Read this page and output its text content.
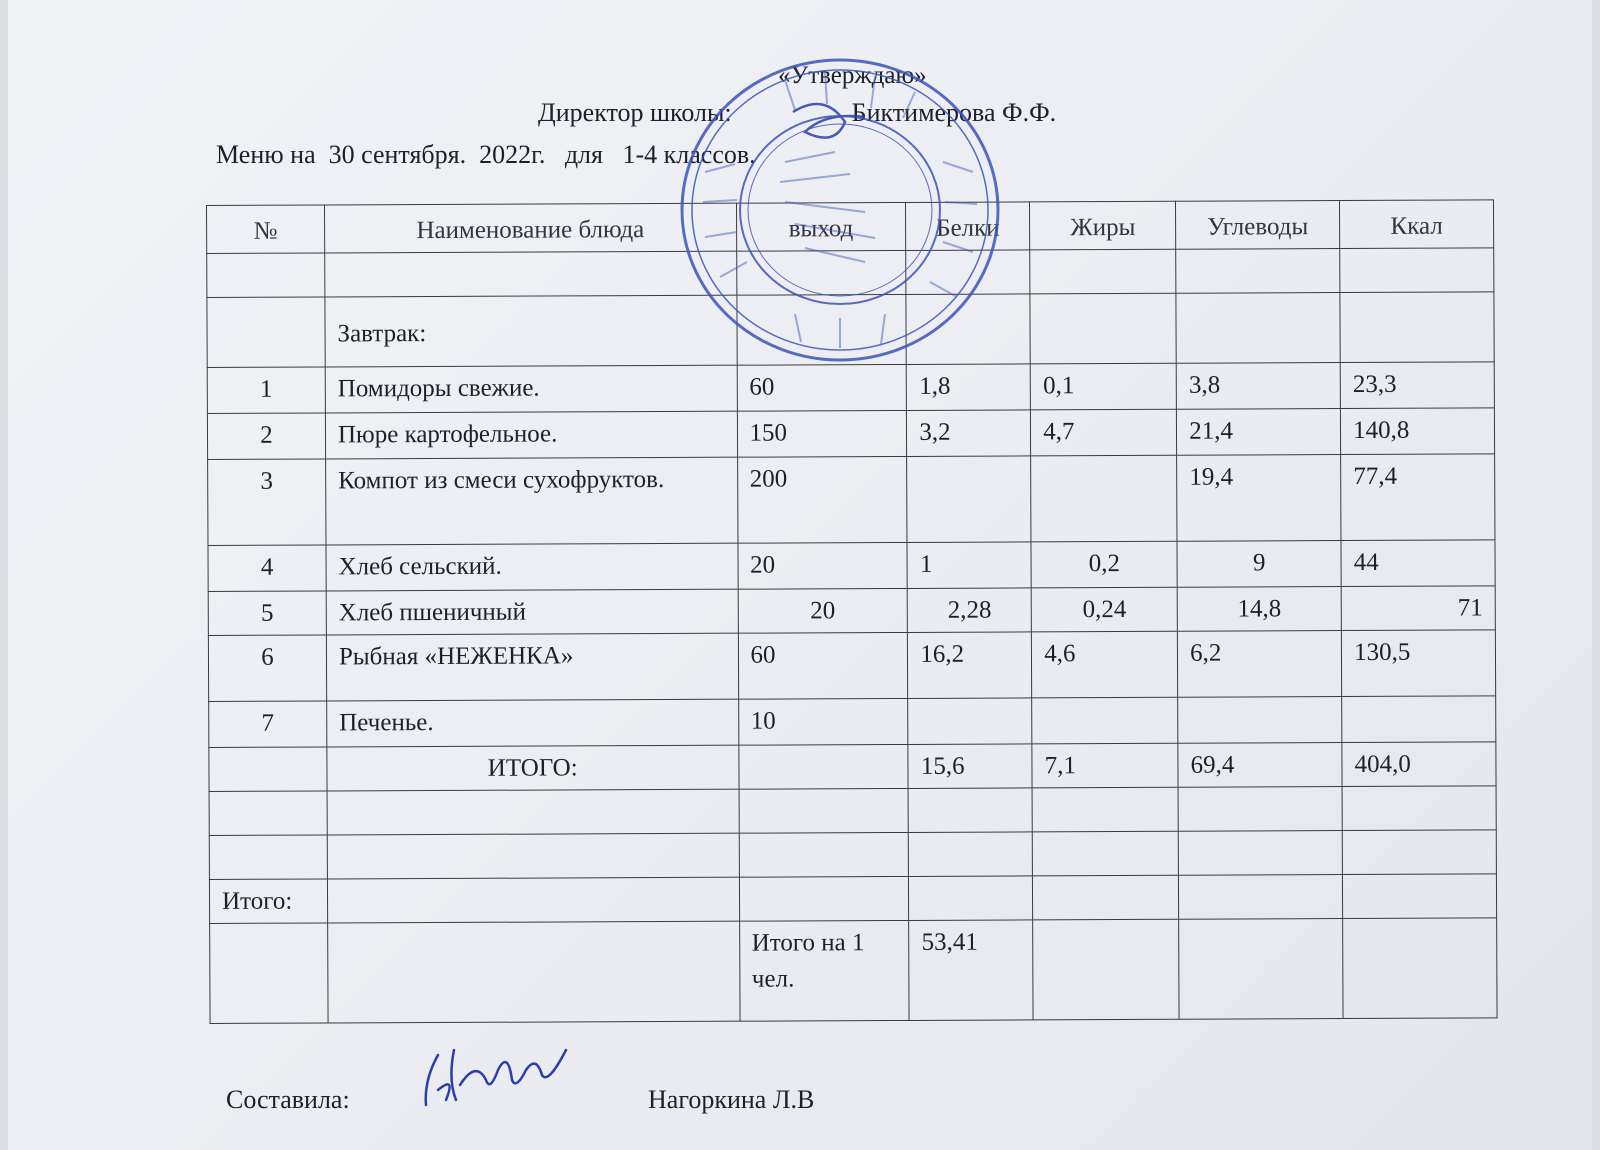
«Утверждаю»
Директор школы:	Биктимерова Ф.Ф.
Меню на  30 сентября.  2022г.   для   1-4 классов.
№	Наименование блюда	выход	Белки	Жиры	Углеводы	Ккал

	Завтрак:					
1	Помидоры свежие.	60	1,8	0,1	3,8	23,3
2	Пюре картофельное.	150	3,2	4,7	21,4	140,8
3	Компот из смеси сухофруктов.	200			19,4	77,4
4	Хлеб сельский.	20	1	0,2	9	44
5	Хлеб пшеничный	20	2,28	0,24	14,8	71
6	Рыбная «НЕЖЕНКА»	60	16,2	4,6	6,2	130,5
7	Печенье.	10				
	ИТОГО:		15,6	7,1	69,4	404,0

Итого:						
		Итого на 1 чел.	53,41			
Составила:	Нагоркина Л.В
